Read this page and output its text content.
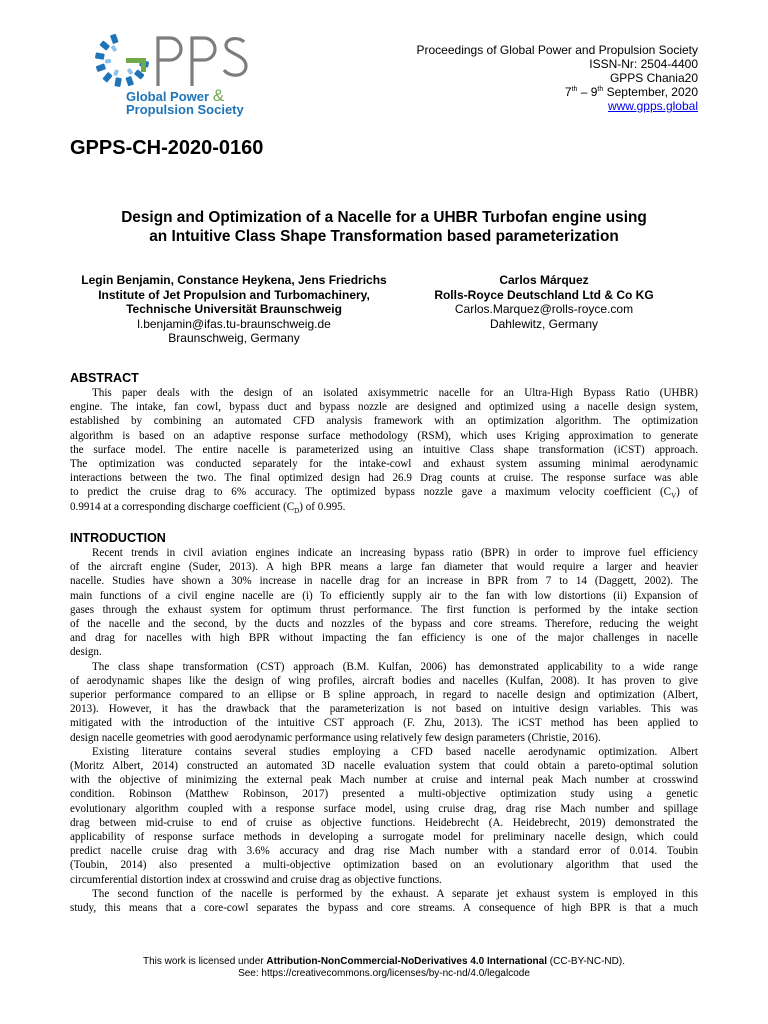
Global Power &
Propulsion Society
Proceedings of Global Power and Propulsion Society
ISSN-Nr: 2504-4400
GPPS Chania20
7th – 9th September, 2020
www.gpps.global
GPPS-CH-2020-0160
Design and Optimization of a Nacelle for a UHBR Turbofan engine using
an Intuitive Class Shape Transformation based parameterization
Legin Benjamin, Constance Heykena, Jens Friedrichs
Institute of Jet Propulsion and Turbomachinery,
Technische Universität Braunschweig
l.benjamin@ifas.tu-braunschweig.de
Braunschweig, Germany
Carlos Márquez
Rolls-Royce Deutschland Ltd & Co KG
Carlos.Marquez@rolls-royce.com
Dahlewitz, Germany
ABSTRACT
This paper deals with the design of an isolated axisymmetric nacelle for an Ultra-High Bypass Ratio (UHBR)
engine. The intake, fan cowl, bypass duct and bypass nozzle are designed and optimized using a nacelle design system,
established by combining an automated CFD analysis framework with an optimization algorithm. The optimization
algorithm is based on an adaptive response surface methodology (RSM), which uses Kriging approximation to generate
the surface model. The entire nacelle is parameterized using an intuitive Class shape transformation (iCST) approach.
The optimization was conducted separately for the intake-cowl and exhaust system assuming minimal aerodynamic
interactions between the two. The final optimized design had 26.9 Drag counts at cruise. The response surface was able
to predict the cruise drag to 6% accuracy. The optimized bypass nozzle gave a maximum velocity coefficient $(C_V)$ of
0.9914 at a corresponding discharge coefficient $(C_D)$ of 0.995.
INTRODUCTION
Recent trends in civil aviation engines indicate an increasing bypass ratio (BPR) in order to improve fuel efficiency
of the aircraft engine (Suder, 2013). A high BPR means a large fan diameter that would require a larger and heavier
nacelle. Studies have shown a 30% increase in nacelle drag for an increase in BPR from 7 to 14 (Daggett, 2002). The
main functions of a civil engine nacelle are (i) To efficiently supply air to the fan with low distortions (ii) Expansion of
gases through the exhaust system for optimum thrust performance. The first function is performed by the intake section
of the nacelle and the second, by the ducts and nozzles of the bypass and core streams. Therefore, reducing the weight
and drag for nacelles with high BPR without impacting the fan efficiency is one of the major challenges in nacelle
design.
The class shape transformation (CST) approach (B.M. Kulfan, 2006) has demonstrated applicability to a wide range
of aerodynamic shapes like the design of wing profiles, aircraft bodies and nacelles (Kulfan, 2008). It has proven to give
superior performance compared to an ellipse or B spline approach, in regard to nacelle design and optimization (Albert,
2013). However, it has the drawback that the parameterization is not based on intuitive design variables. This was
mitigated with the introduction of the intuitive CST approach (F. Zhu, 2013). The iCST method has been applied to
design nacelle geometries with good aerodynamic performance using relatively few design parameters (Christie, 2016).
Existing literature contains several studies employing a CFD based nacelle aerodynamic optimization. Albert
(Moritz Albert, 2014) constructed an automated 3D nacelle evaluation system that could obtain a pareto-optimal solution
with the objective of minimizing the external peak Mach number at cruise and internal peak Mach number at crosswind
condition. Robinson (Matthew Robinson, 2017) presented a multi-objective optimization study using a genetic
evolutionary algorithm coupled with a response surface model, using cruise drag, drag rise Mach number and spillage
drag between mid-cruise to end of cruise as objective functions. Heidebrecht (A. Heidebrecht, 2019) demonstrated the
applicability of response surface methods in developing a surrogate model for preliminary nacelle design, which could
predict nacelle cruise drag with 3.6% accuracy and drag rise Mach number with a standard error of 0.014. Toubin
(Toubin, 2014) also presented a multi-objective optimization based on an evolutionary algorithm that used the
circumferential distortion index at crosswind and cruise drag as objective functions.
The second function of the nacelle is performed by the exhaust. A separate jet exhaust system is employed in this
study, this means that a core-cowl separates the bypass and core streams. A consequence of high BPR is that a much
This work is licensed under Attribution-NonCommercial-NoDerivatives 4.0 International (CC-BY-NC-ND).
See: https://creativecommons.org/licenses/by-nc-nd/4.0/legalcode
